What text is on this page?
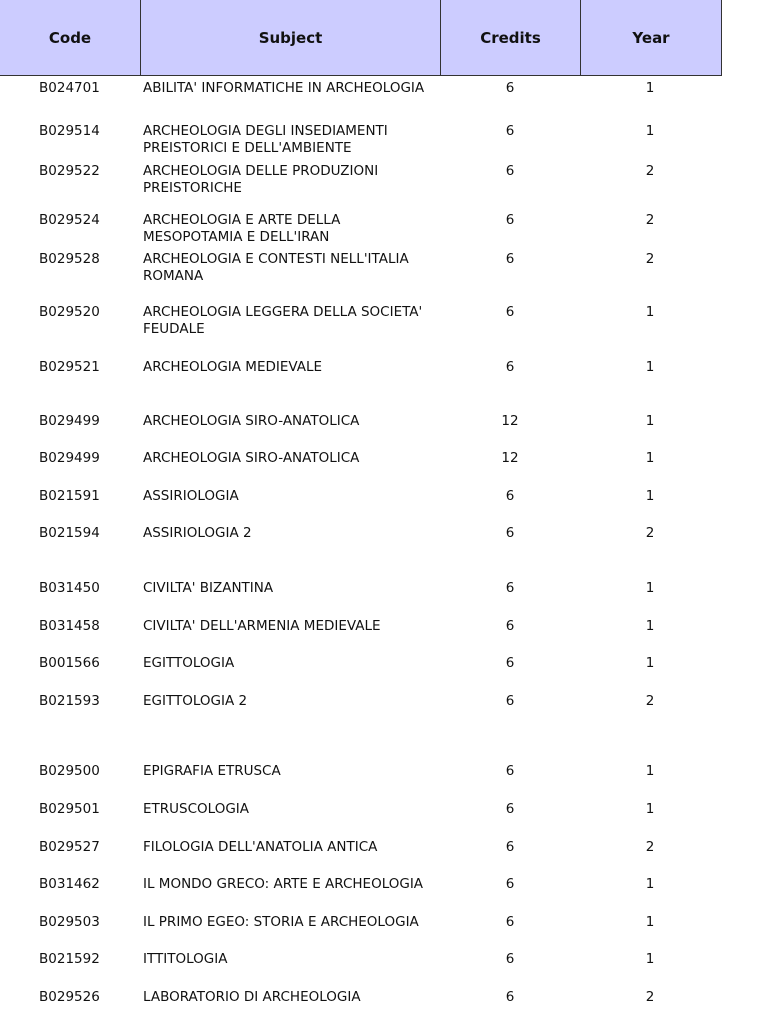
Code	Subject	Credits	Year
B024701	ABILITA' INFORMATICHE IN ARCHEOLOGIA	6	1
B029514	ARCHEOLOGIA DEGLI INSEDIAMENTI
PREISTORICI E DELL'AMBIENTE
6	1
B029522	ARCHEOLOGIA DELLE PRODUZIONI
PREISTORICHE
6	2
B029524	ARCHEOLOGIA E ARTE DELLA
MESOPOTAMIA E DELL'IRAN
6	2
B029528	ARCHEOLOGIA E CONTESTI NELL'ITALIA
ROMANA
6	2
B029520	ARCHEOLOGIA LEGGERA DELLA SOCIETA'
FEUDALE
6	1
B029521	ARCHEOLOGIA MEDIEVALE	6	1
B029499	ARCHEOLOGIA SIRO-ANATOLICA	12	1
B029499	ARCHEOLOGIA SIRO-ANATOLICA	12	1
B021591	ASSIRIOLOGIA	6	1
B021594	ASSIRIOLOGIA 2	6	2
B031450	CIVILTA' BIZANTINA	6	1
B031458	CIVILTA' DELL'ARMENIA MEDIEVALE	6	1
B001566	EGITTOLOGIA	6	1
B021593	EGITTOLOGIA 2	6	2
B029500	EPIGRAFIA ETRUSCA	6	1
B029501	ETRUSCOLOGIA	6	1
B029527	FILOLOGIA DELL'ANATOLIA ANTICA	6	2
B031462	IL MONDO GRECO: ARTE E ARCHEOLOGIA	6	1
B029503	IL PRIMO EGEO: STORIA E ARCHEOLOGIA	6	1
B021592	ITTITOLOGIA	6	1
B029526	LABORATORIO DI ARCHEOLOGIA	6	2
